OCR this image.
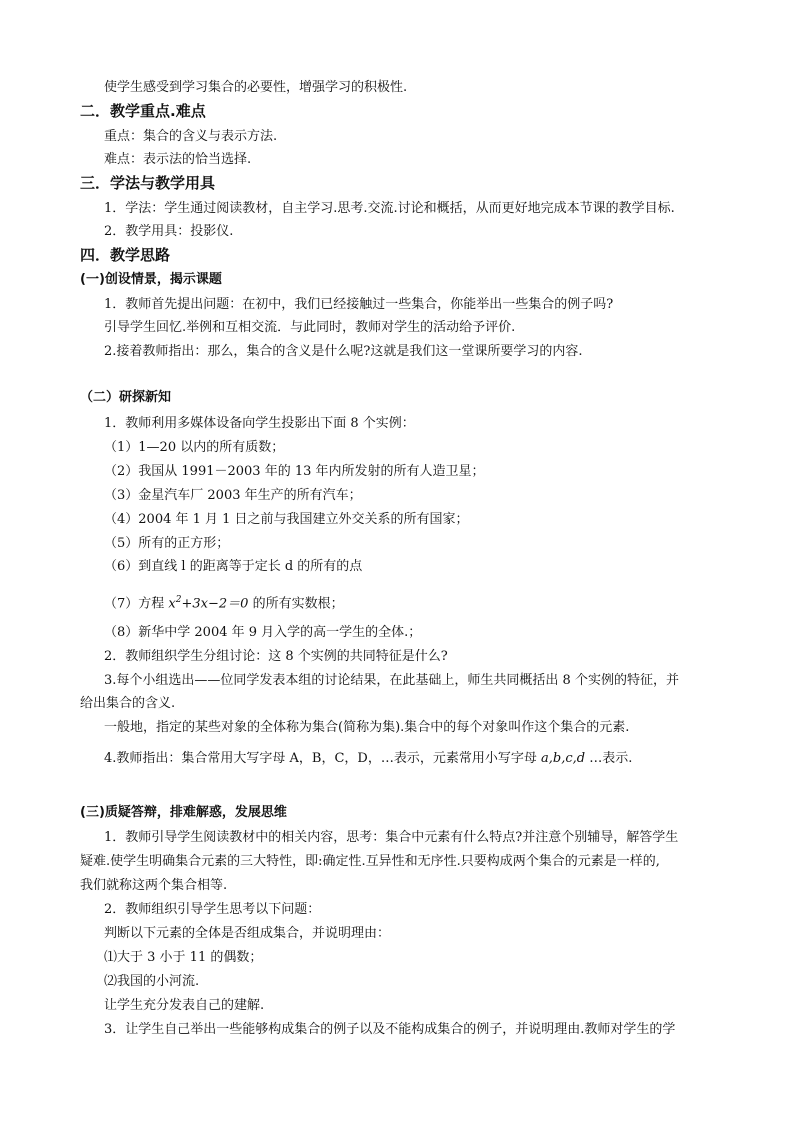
使学生感受到学习集合的必要性，增强学习的积极性.
二．教学重点.难点
重点：集合的含义与表示方法.
难点：表示法的恰当选择.
三．学法与教学用具
1．学法：学生通过阅读教材，自主学习.思考.交流.讨论和概括，从而更好地完成本节课的教学目标.
2．教学用具：投影仪.
四．教学思路
(一)创设情景，揭示课题
1．教师首先提出问题：在初中，我们已经接触过一些集合，你能举出一些集合的例子吗?
引导学生回忆.举例和互相交流．与此同时，教师对学生的活动给予评价.
2.接着教师指出：那么，集合的含义是什么呢?这就是我们这一堂课所要学习的内容.
（二）研探新知
1．教师利用多媒体设备向学生投影出下面 8 个实例：
（1）1—20 以内的所有质数；
（2）我国从 1991－2003 年的 13 年内所发射的所有人造卫星；
（3）金星汽车厂 2003 年生产的所有汽车；
（4）2004 年 1 月 1 日之前与我国建立外交关系的所有国家；
（5）所有的正方形；
（6）到直线 l 的距离等于定长 d 的所有的点
（7）方程 $x^2+3x-2=0$ 的所有实数根；
（8）新华中学 2004 年 9 月入学的高一学生的全体.；
2．教师组织学生分组讨论：这 8 个实例的共同特征是什么?
3.每个小组选出——位同学发表本组的讨论结果，在此基础上，师生共同概括出 8 个实例的特征，并
给出集合的含义.
一般地，指定的某些对象的全体称为集合(简称为集).集合中的每个对象叫作这个集合的元素.
4.教师指出：集合常用大写字母 A，B，C，D，…表示，元素常用小写字母 a,b,c,d …表示.
(三)质疑答辩，排难解惑，发展思维
1．教师引导学生阅读教材中的相关内容，思考：集合中元素有什么特点?并注意个别辅导，解答学生
疑难.使学生明确集合元素的三大特性，即:确定性.互异性和无序性.只要构成两个集合的元素是一样的,
我们就称这两个集合相等.
2．教师组织引导学生思考以下问题：
判断以下元素的全体是否组成集合，并说明理由：
⑴大于 3 小于 11 的偶数；
⑵我国的小河流.
让学生充分发表自己的建解.
3．让学生自己举出一些能够构成集合的例子以及不能构成集合的例子，并说明理由.教师对学生的学
